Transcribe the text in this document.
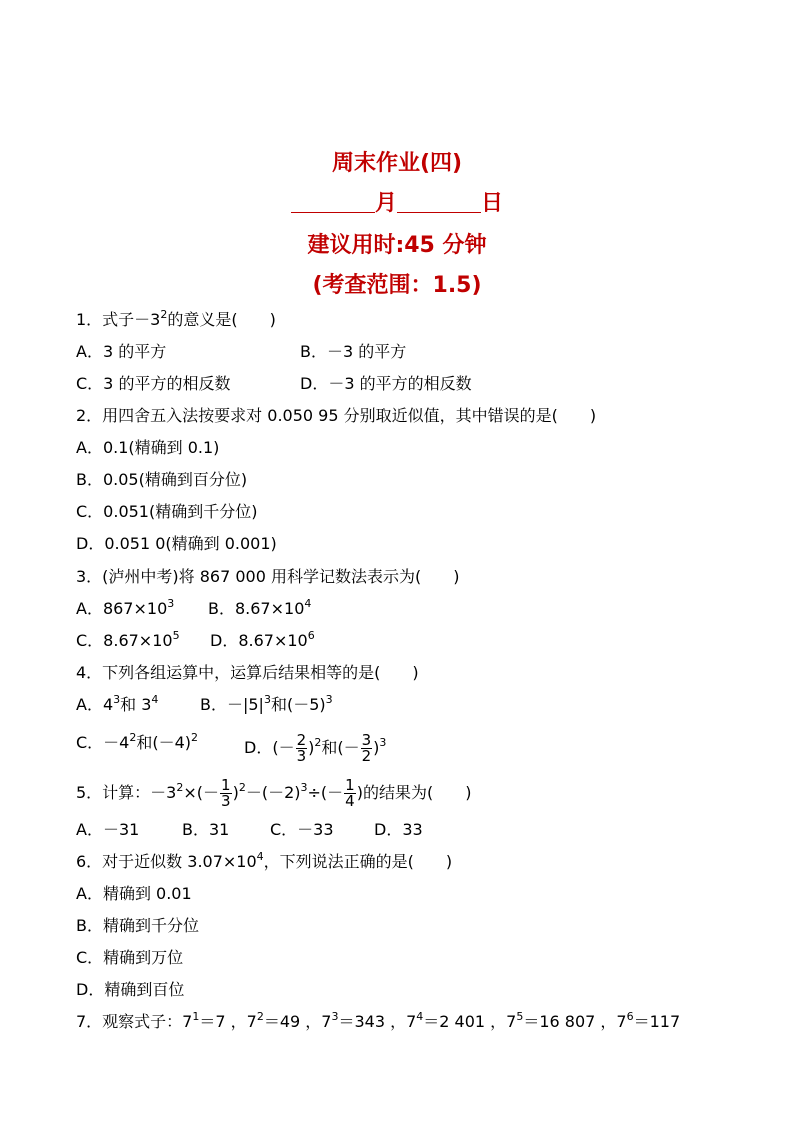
周末作业(四)
月	日
建议用时:45 分钟
(考查范围：1.5)
1．式子$-3^2$的意义是(　　)
A．3 的平方	B．－3 的平方
C．3 的平方的相反数	D．－3 的平方的相反数
2．用四舍五入法按要求对 0.050 95 分别取近似值，其中错误的是(　　)
A．0.1(精确到 0.1)
B．0.05(精确到百分位)
C．0.051(精确到千分位)
D．0.051 0(精确到 0.001)
3．(泸州中考)将 867 000 用科学记数法表示为(　　)
A．$867\times 10^3$ B．$8.67\times 10^4$
C．$8.67\times 10^5$ D．$8.67\times 10^6$
4．下列各组运算中，运算后结果相等的是(　　)
A．$4^3$和 $3^4$	B．$-|5|^3$和$(-5)^3$
C．$-4^2$和$(-4)^2$
D．(－ $\frac{2}{3} )^2$和(－ $\frac{3}{2} )^3$
5．计算：$-3^2\times(- \frac{1}{3} )^2-(-2)^3\div(- \frac{1}{4}$ )的结果为(　　)
A．－31	B．31	C．－33	D．33
6．对于近似数 $3.07\times 10^4$，下列说法正确的是(　　)
A．精确到 0.01
B．精确到千分位
C．精确到万位
D．精确到百位
7．观察式子：$7^1=7$ ，$7^2=49$ ，$7^3=343$ ，$7^4=2$ 401 ，$7^5=16$ 807 ，$7^6=117$
